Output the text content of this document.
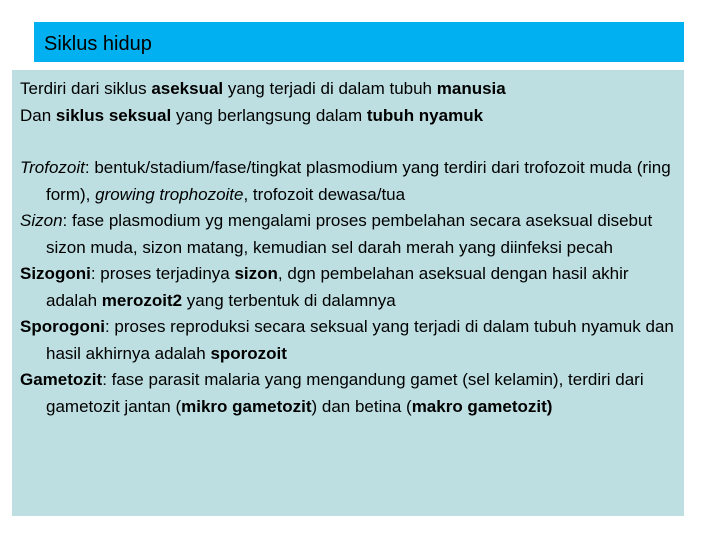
Siklus hidup

Terdiri dari siklus aseksual yang terjadi di dalam tubuh manusia

Dan siklus seksual yang berlangsung dalam tubuh nyamuk

Trofozoit: bentuk/stadium/fase/tingkat plasmodium yang terdiri dari trofozoit muda (ring form), growing trophozoite, trofozoit dewasa/tua

Sizon: fase plasmodium yg mengalami proses pembelahan secara aseksual disebut sizon muda, sizon matang, kemudian sel darah merah yang diinfeksi pecah

Sizogoni: proses terjadinya sizon, dgn pembelahan aseksual dengan hasil akhir adalah merozoit2 yang terbentuk di dalamnya

Sporogoni: proses reproduksi secara seksual yang terjadi di dalam tubuh nyamuk dan hasil akhirnya adalah sporozoit

Gametozit: fase parasit malaria yang mengandung gamet (sel kelamin), terdiri dari gametozit jantan (mikro gametozit) dan betina (makro gametozit)
